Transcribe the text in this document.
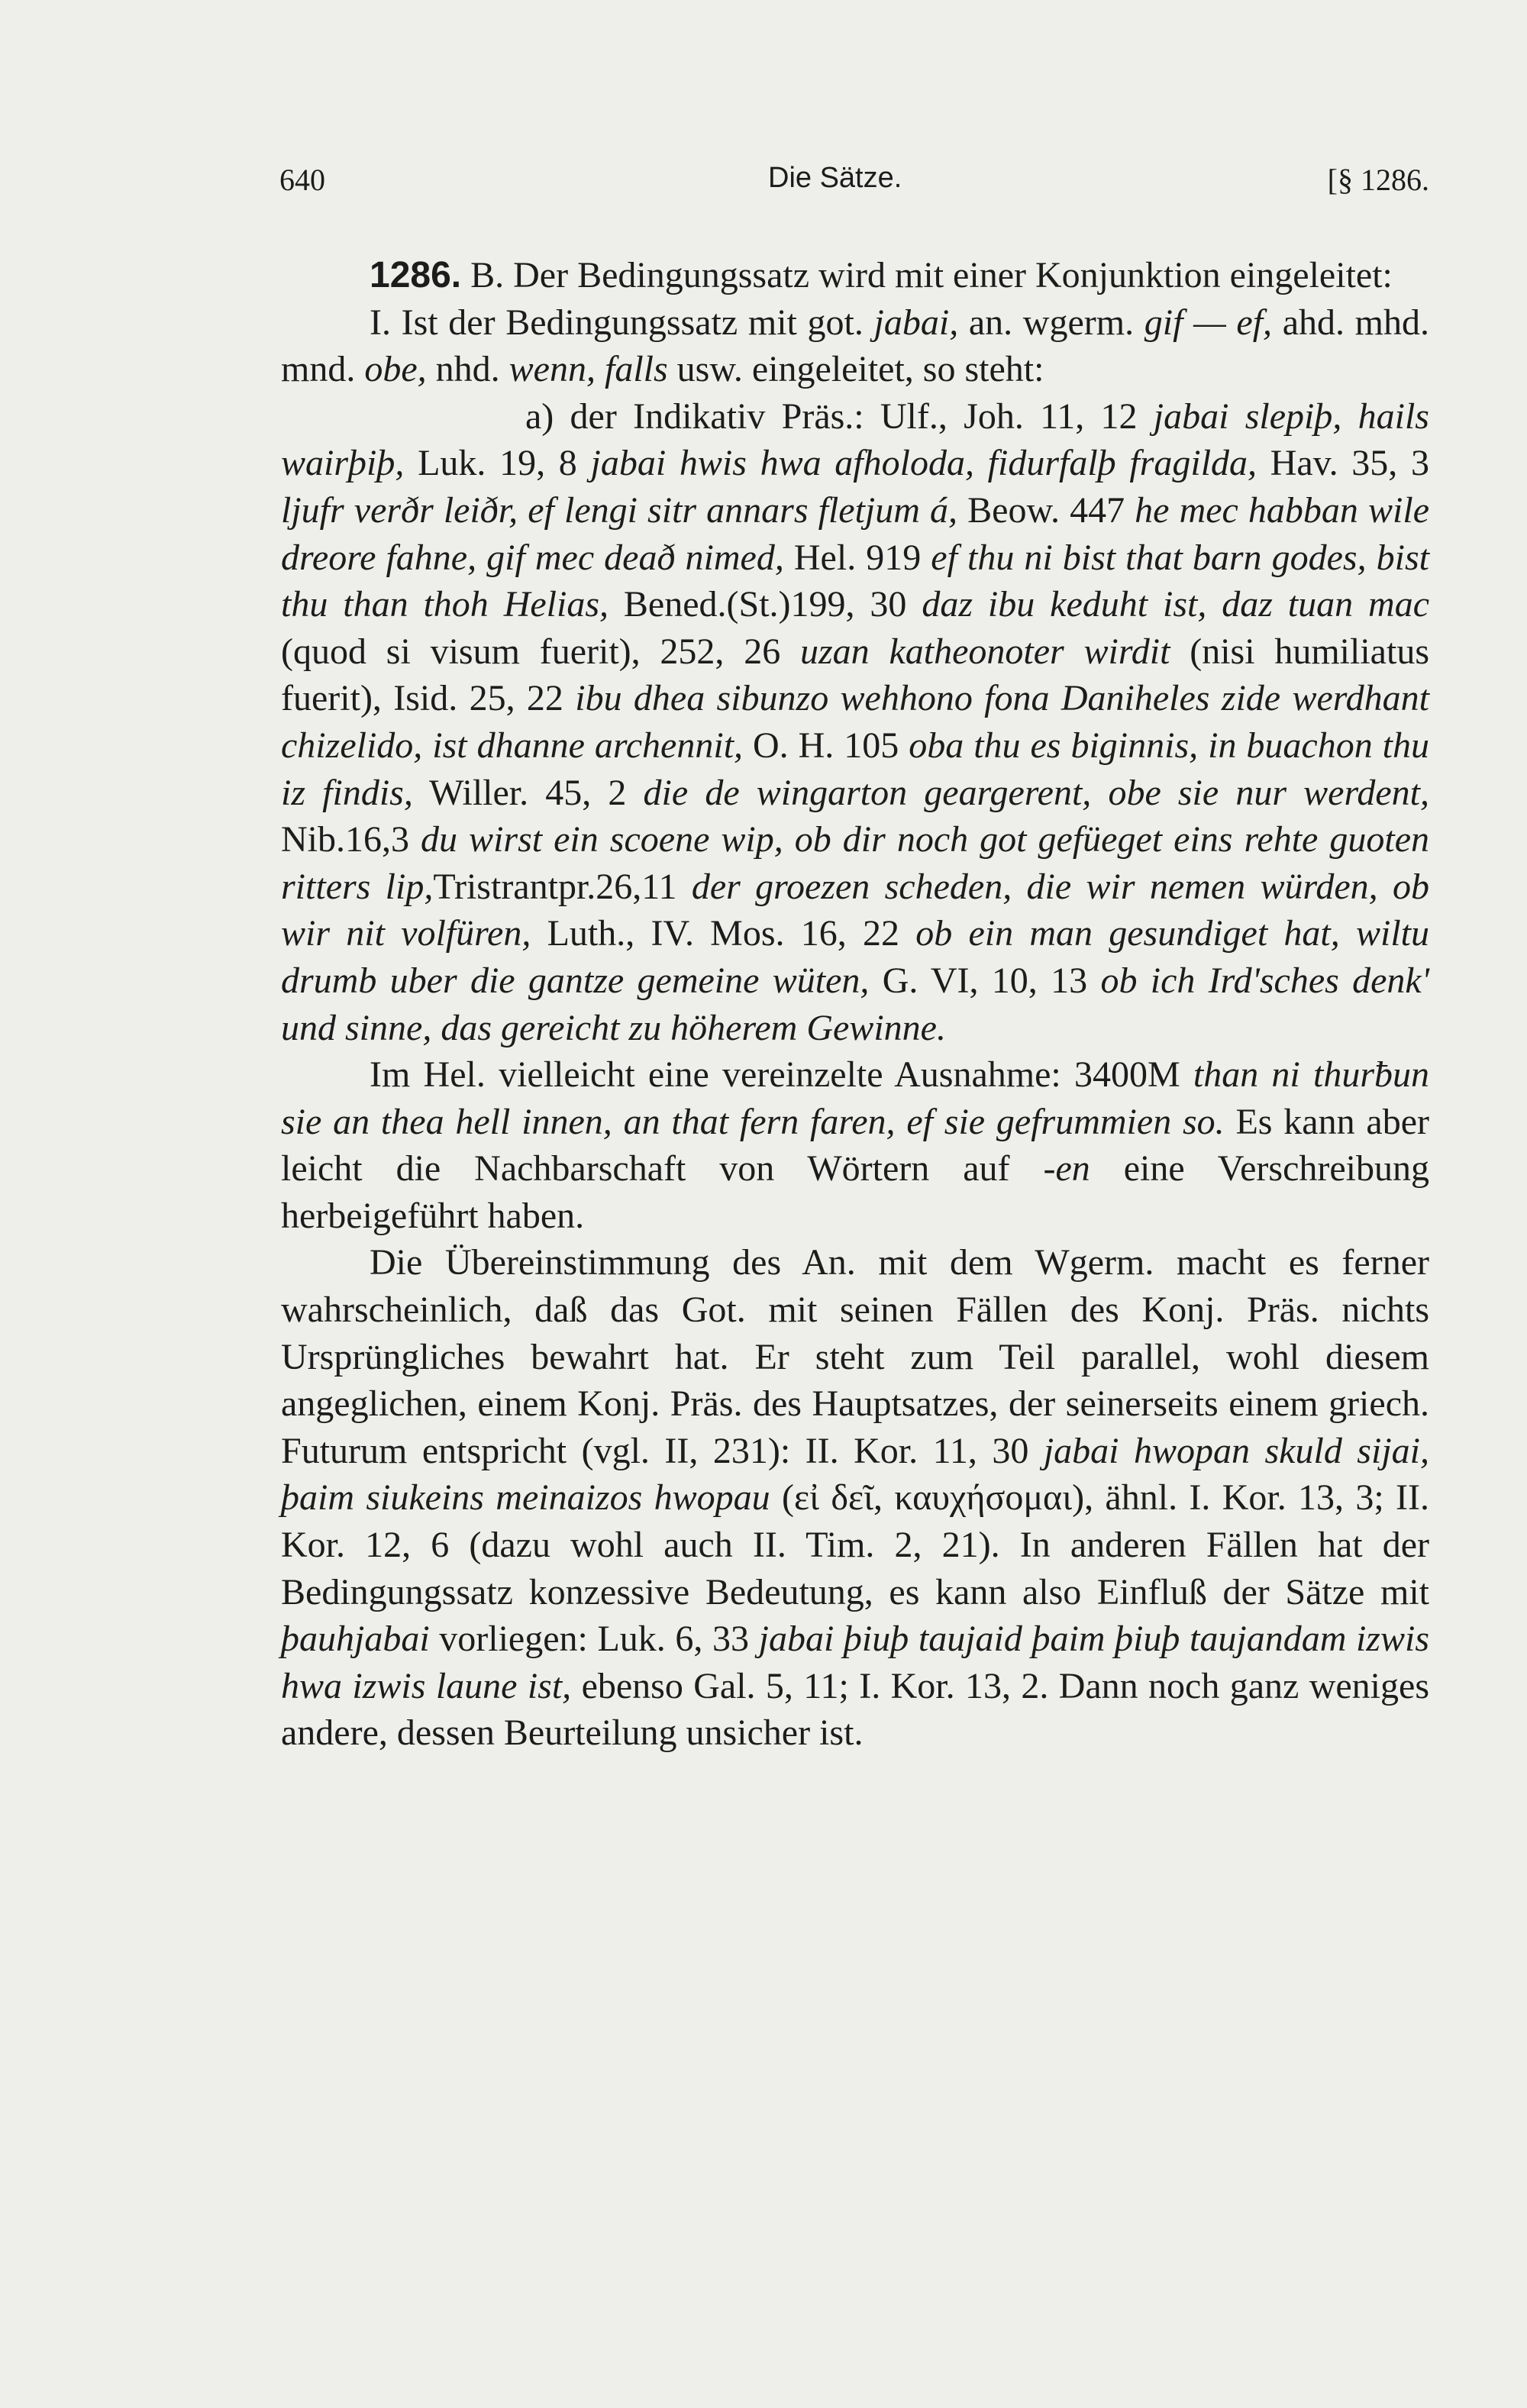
640	Die Sätze.	[§ 1286.

1286. B. Der Bedingungssatz wird mit einer Konjunktion eingeleitet:

I. Ist der Bedingungssatz mit got. jabai, an. wgerm. gif — ef, ahd. mhd. mnd. obe, nhd. wenn, falls usw. eingeleitet, so steht:

a) der Indikativ Präs.: Ulf., Joh. 11, 12 jabai slepiþ, hails wairþiþ, Luk. 19, 8 jabai hwis hwa afholoda, fidurfalþ fragilda, Hav. 35, 3 ljufr verðr leiðr, ef lengi sitr annars fletjum á, Beow. 447 he mec habban wile dreore fahne, gif mec deað nimed, Hel. 919 ef thu ni bist that barn godes, bist thu than thoh Helias, Bened.(St.)199, 30 daz ibu keduht ist, daz tuan mac (quod si visum fuerit), 252, 26 uzan katheonoter wirdit (nisi humiliatus fuerit), Isid. 25, 22 ibu dhea sibunzo wehhono fona Daniheles zide werdhant chizelido, ist dhanne archennit, O. H. 105 oba thu es biginnis, in buachon thu iz findis, Willer. 45, 2 die de wingarton geargerent, obe sie nur werdent, Nib.16,3 du wirst ein scoene wip, ob dir noch got gefüeget eins rehte guoten ritters lip,Tristrantpr.26,11 der groezen scheden, die wir nemen würden, ob wir nit volfüren, Luth., IV. Mos. 16, 22 ob ein man gesundiget hat, wiltu drumb uber die gantze gemeine wüten, G. VI, 10, 13 ob ich Ird'sches denk' und sinne, das gereicht zu höherem Gewinne.

Im Hel. vielleicht eine vereinzelte Ausnahme: 3400M than ni thurƀun sie an thea hell innen, an that fern faren, ef sie gefrummien so. Es kann aber leicht die Nachbarschaft von Wörtern auf -en eine Verschreibung herbeigeführt haben.

Die Übereinstimmung des An. mit dem Wgerm. macht es ferner wahrscheinlich, daß das Got. mit seinen Fällen des Konj. Präs. nichts Ursprüngliches bewahrt hat. Er steht zum Teil parallel, wohl diesem angeglichen, einem Konj. Präs. des Hauptsatzes, der seinerseits einem griech. Futurum entspricht (vgl. II, 231): II. Kor. 11, 30 jabai hwopan skuld sijai, þaim siukeins meinaizos hwopau (εἰ δεῖ, καυχήσομαι), ähnl. I. Kor. 13, 3; II. Kor. 12, 6 (dazu wohl auch II. Tim. 2, 21). In anderen Fällen hat der Bedingungssatz konzessive Bedeutung, es kann also Einfluß der Sätze mit þauhjabai vorliegen: Luk. 6, 33 jabai þiuþ taujaid þaim þiuþ taujandam izwis hwa izwis laune ist, ebenso Gal. 5, 11; I. Kor. 13, 2. Dann noch ganz weniges andere, dessen Beurteilung unsicher ist.
